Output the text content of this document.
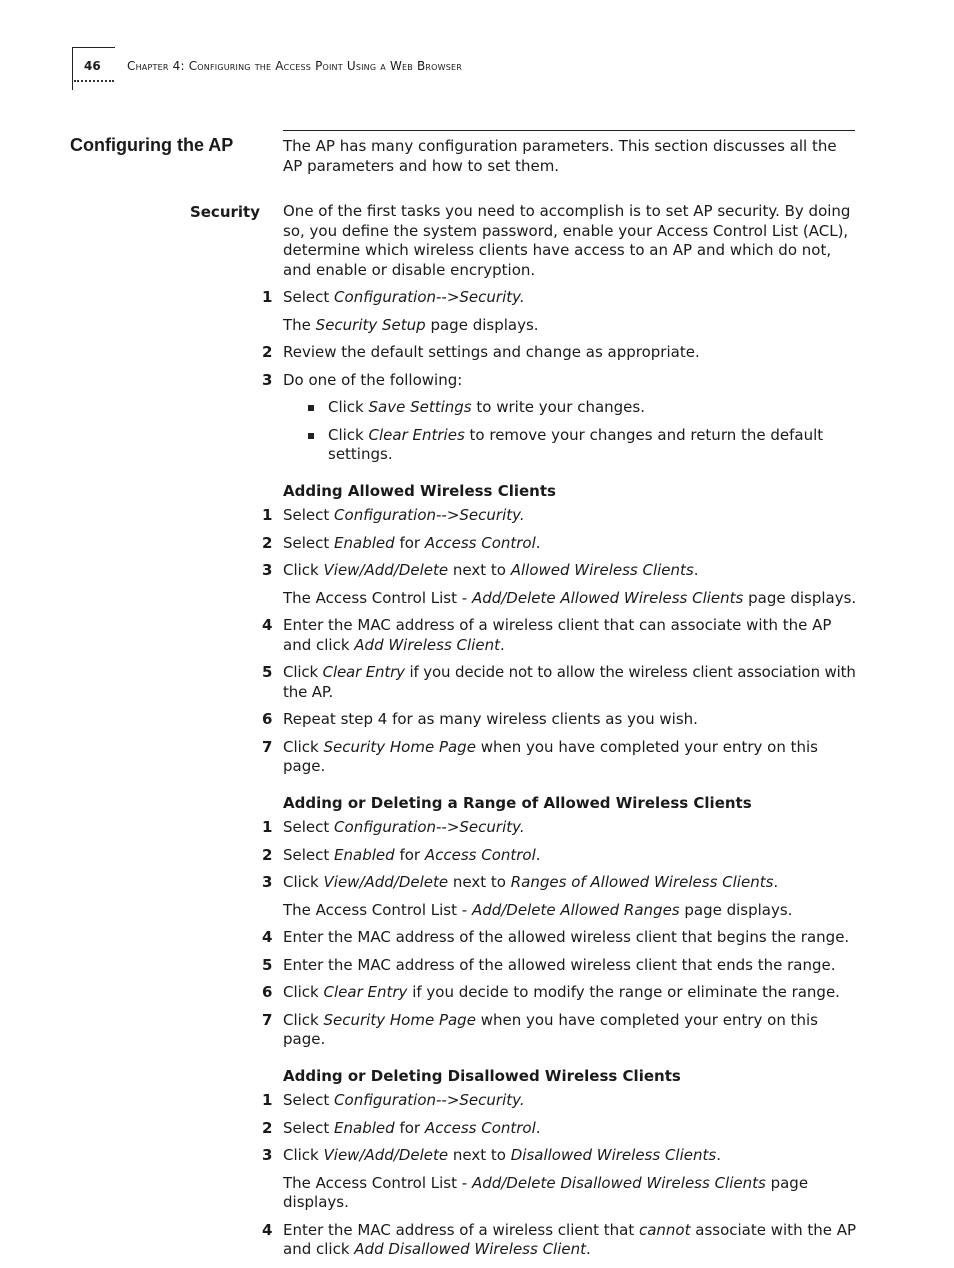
46 Chapter 4: Configuring the Access Point Using a Web Browser
Configuring the AP
Security

The AP has many configuration parameters. This section discusses all the AP parameters and how to set them.

One of the first tasks you need to accomplish is to set AP security. By doing so, you define the system password, enable your Access Control List (ACL), determine which wireless clients have access to an AP and which do not, and enable or disable encryption.

1 Select Configuration-->Security.

The Security Setup page displays.

2 Review the default settings and change as appropriate.
3 Do one of the following:
Click Save Settings to write your changes.
Click Clear Entries to remove your changes and return the default settings.

Adding Allowed Wireless Clients

1 Select Configuration-->Security.
2 Select Enabled for Access Control.
3 Click View/Add/Delete next to Allowed Wireless Clients.

The Access Control List - Add/Delete Allowed Wireless Clients page displays.

4 Enter the MAC address of a wireless client that can associate with the AP and click Add Wireless Client.
5 Click Clear Entry if you decide not to allow the wireless client association with the AP.
6 Repeat step 4 for as many wireless clients as you wish.
7 Click Security Home Page when you have completed your entry on this page.

Adding or Deleting a Range of Allowed Wireless Clients

1 Select Configuration-->Security.
2 Select Enabled for Access Control.
3 Click View/Add/Delete next to Ranges of Allowed Wireless Clients.

The Access Control List - Add/Delete Allowed Ranges page displays.

4 Enter the MAC address of the allowed wireless client that begins the range.
5 Enter the MAC address of the allowed wireless client that ends the range.
6 Click Clear Entry if you decide to modify the range or eliminate the range.
7 Click Security Home Page when you have completed your entry on this page.

Adding or Deleting Disallowed Wireless Clients

1 Select Configuration-->Security.
2 Select Enabled for Access Control.
3 Click View/Add/Delete next to Disallowed Wireless Clients.

The Access Control List - Add/Delete Disallowed Wireless Clients page displays.

4 Enter the MAC address of a wireless client that cannot associate with the AP and click Add Disallowed Wireless Client.
